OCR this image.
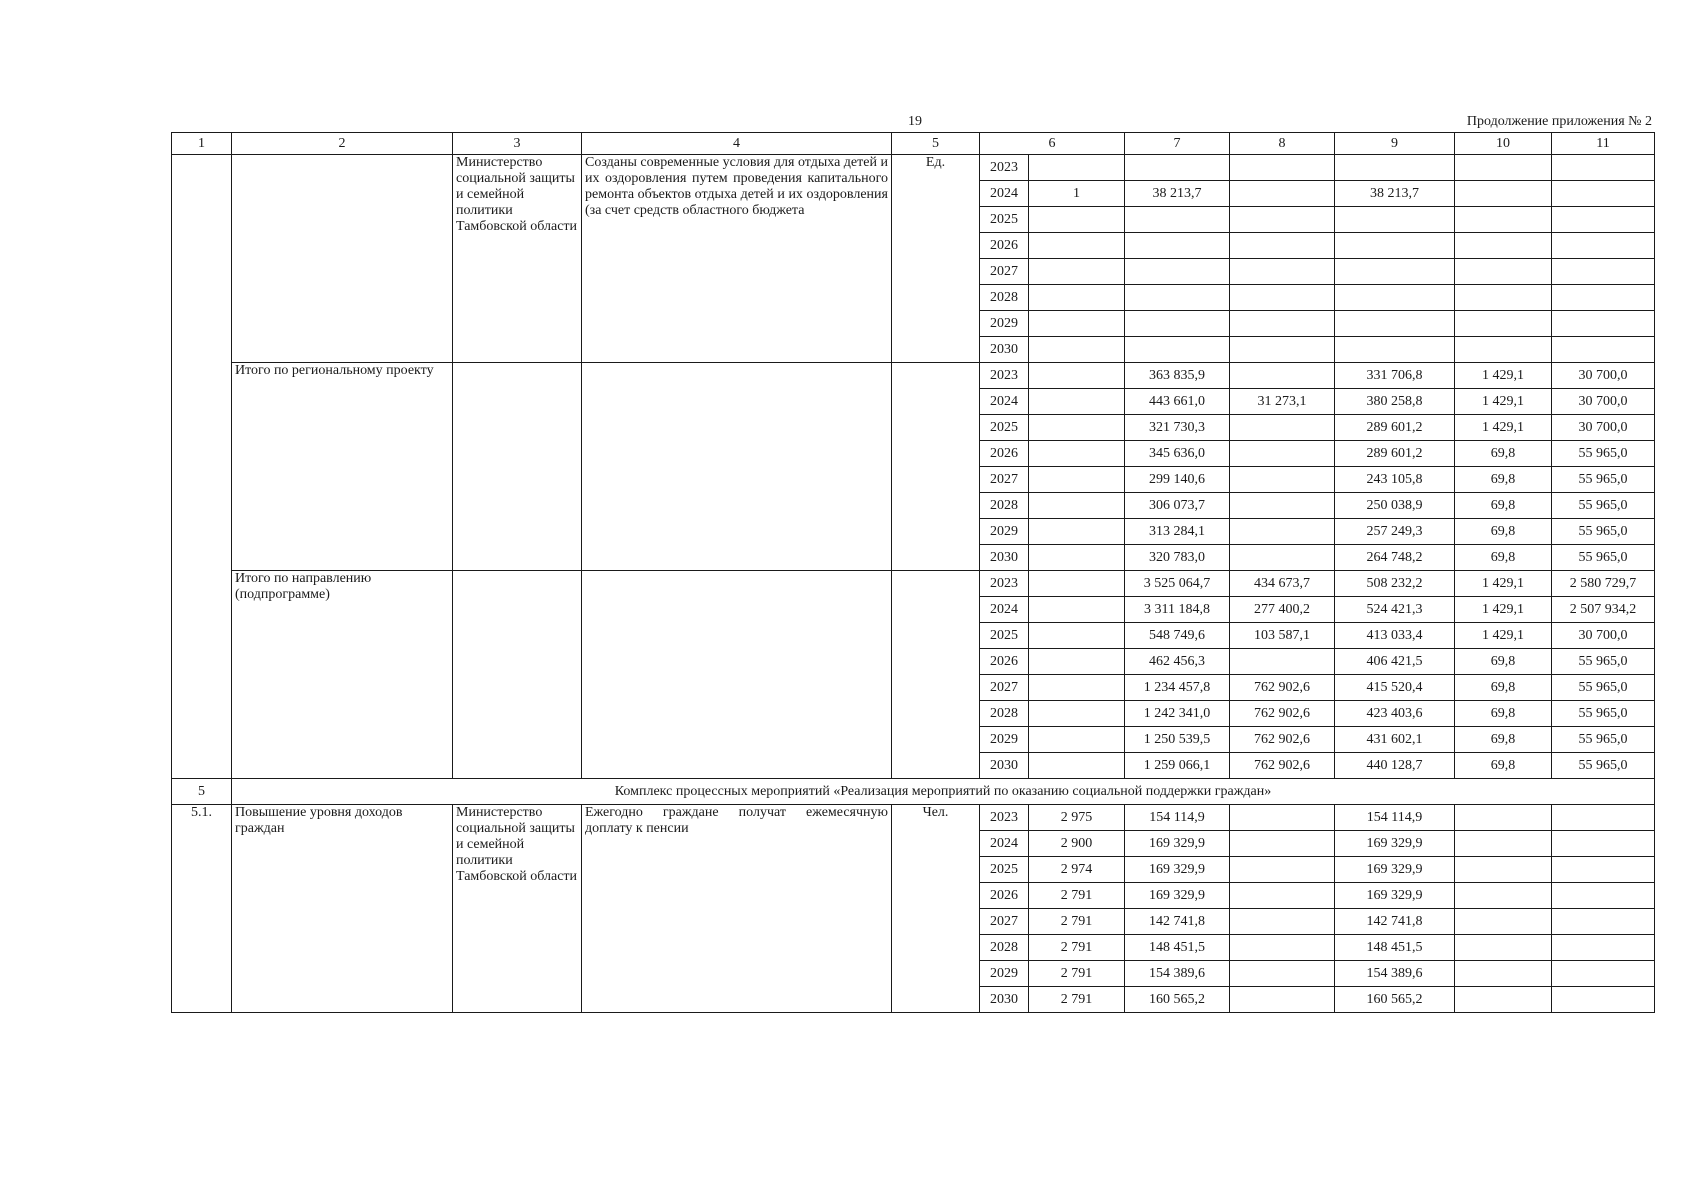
19	Продолжение приложения № 2
1	2	3	4	5	6		7	8	9	10	11
		Министерство социальной защиты и семейной политики Тамбовской области	Созданы современные условия для отдыха детей и их оздоровления путем проведения капитального ремонта объектов отдыха детей и их оздоровления (за счет средств областного бюджета	Ед.	2023						
					2024	1	38 213,7		38 213,7		
					2025						
					2026						
					2027						
					2028						
					2029						
					2030						
	Итого по региональному проекту				2023		363 835,9		331 706,8	1 429,1	30 700,0
					2024		443 661,0	31 273,1	380 258,8	1 429,1	30 700,0
					2025		321 730,3		289 601,2	1 429,1	30 700,0
					2026		345 636,0		289 601,2	69,8	55 965,0
					2027		299 140,6		243 105,8	69,8	55 965,0
					2028		306 073,7		250 038,9	69,8	55 965,0
					2029		313 284,1		257 249,3	69,8	55 965,0
					2030		320 783,0		264 748,2	69,8	55 965,0
	Итого по направлению (подпрограмме)				2023		3 525 064,7	434 673,7	508 232,2	1 429,1	2 580 729,7
					2024		3 311 184,8	277 400,2	524 421,3	1 429,1	2 507 934,2
					2025		548 749,6	103 587,1	413 033,4	1 429,1	30 700,0
					2026		462 456,3		406 421,5	69,8	55 965,0
					2027		1 234 457,8	762 902,6	415 520,4	69,8	55 965,0
					2028		1 242 341,0	762 902,6	423 403,6	69,8	55 965,0
					2029		1 250 539,5	762 902,6	431 602,1	69,8	55 965,0
					2030		1 259 066,1	762 902,6	440 128,7	69,8	55 965,0
5	Комплекс процессных мероприятий «Реализация мероприятий по оказанию социальной поддержки граждан»										
5.1.	Повышение уровня доходов граждан	Министерство социальной защиты и семейной политики Тамбовской области	Ежегодно граждане получат ежемесячную доплату к пенсии	Чел.	2023	2 975	154 114,9		154 114,9		
					2024	2 900	169 329,9		169 329,9		
					2025	2 974	169 329,9		169 329,9		
					2026	2 791	169 329,9		169 329,9		
					2027	2 791	142 741,8		142 741,8		
					2028	2 791	148 451,5		148 451,5		
					2029	2 791	154 389,6		154 389,6		
					2030	2 791	160 565,2		160 565,2		
